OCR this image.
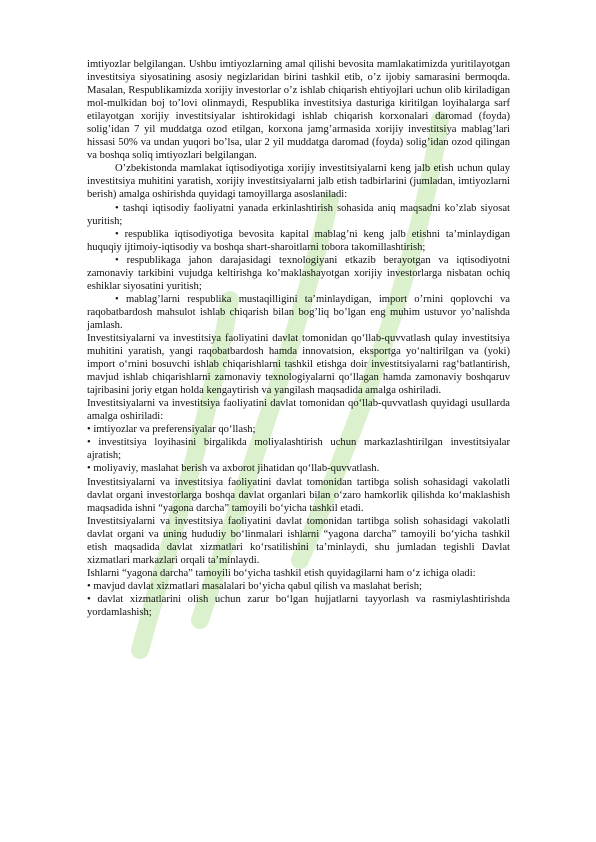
imtiyozlar belgilangan. Ushbu imtiyozlarning amal qilishi bevosita mamlakatimizda yuritilayotgan investitsiya siyosatining asosiy negizlaridan birini tashkil etib, o’z ijobiy samarasini bermoqda. Masalan, Respublikamizda xorijiy investorlar o’z ishlab chiqarish ehtiyojlari uchun olib kiriladigan mol-mulkidan boj to’lovi olinmaydi, Respublika investitsiya dasturiga kiritilgan loyihalarga sarf etilayotgan xorijiy investitsiyalar ishtirokidagi ishlab chiqarish korxonalari daromad (foyda) solig’idan 7 yil muddatga ozod etilgan, korxona jamg’armasida xorijiy investitsiya mablag’lari hissasi 50% va undan yuqori bo’lsa, ular 2 yil muddatga daromad (foyda) solig’idan ozod qilingan va boshqa soliq imtiyozlari belgilangan.

O’zbekistonda mamlakat iqtisodiyotiga xorijiy investitsiyalarni keng jalb etish uchun qulay investitsiya muhitini yaratish, xorijiy investitsiyalarni jalb etish tadbirlarini (jumladan, imtiyozlarni berish) amalga oshirishda quyidagi tamoyillarga asoslaniladi:

• tashqi iqtisodiy faoliyatni yanada erkinlashtirish sohasida aniq maqsadni ko’zlab siyosat yuritish;

• respublika iqtisodiyotiga bevosita kapital mablag’ni keng jalb etishni ta’minlaydigan huquqiy ijtimoiy-iqtisodiy va boshqa shart-sharoitlarni tobora takomillashtirish;

• respublikaga jahon darajasidagi texnologiyani etkazib berayotgan va iqtisodiyotni zamonaviy tarkibini vujudga keltirishga ko’maklashayotgan xorijiy investorlarga nisbatan ochiq eshiklar siyosatini yuritish;

• mablag’larni respublika mustaqilligini ta’minlaydigan, import o’rnini qoplovchi va raqobatbardosh mahsulot ishlab chiqarish bilan bog’liq bo’lgan eng muhim ustuvor yo’nalishda jamlash.

Investitsiyalarni va investitsiya faoliyatini davlat tomonidan qo‘llab-quvvatlash qulay investitsiya muhitini yaratish, yangi raqobatbardosh hamda innovatsion, eksportga yo‘naltirilgan va (yoki) import o‘rnini bosuvchi ishlab chiqarishlarni tashkil etishga doir investitsiyalarni rag‘batlantirish, mavjud ishlab chiqarishlarni zamonaviy texnologiyalarni qo‘llagan hamda zamonaviy boshqaruv tajribasini joriy etgan holda kengaytirish va yangilash maqsadida amalga oshiriladi.

Investitsiyalarni va investitsiya faoliyatini davlat tomonidan qo‘llab-quvvatlash quyidagi usullarda amalga oshiriladi:

• imtiyozlar va preferensiyalar qo‘llash;

• investitsiya loyihasini birgalikda moliyalashtirish uchun markazlashtirilgan investitsiyalar ajratish;

• moliyaviy, maslahat berish va axborot jihatidan qo‘llab-quvvatlash.

Investitsiyalarni va investitsiya faoliyatini davlat tomonidan tartibga solish sohasidagi vakolatli davlat organi investorlarga boshqa davlat organlari bilan o‘zaro hamkorlik qilishda ko‘maklashish maqsadida ishni “yagona darcha” tamoyili bo‘yicha tashkil etadi.

Investitsiyalarni va investitsiya faoliyatini davlat tomonidan tartibga solish sohasidagi vakolatli davlat organi va uning hududiy bo‘linmalari ishlarni “yagona darcha” tamoyili bo‘yicha tashkil etish maqsadida davlat xizmatlari ko‘rsatilishini ta’minlaydi, shu jumladan tegishli Davlat xizmatlari markazlari orqali ta’minlaydi.

Ishlarni “yagona darcha” tamoyili bo‘yicha tashkil etish quyidagilarni ham o‘z ichiga oladi:

• mavjud davlat xizmatlari masalalari bo‘yicha qabul qilish va maslahat berish;

• davlat xizmatlarini olish uchun zarur bo‘lgan hujjatlarni tayyorlash va rasmiylashtirishda yordamlashish;
